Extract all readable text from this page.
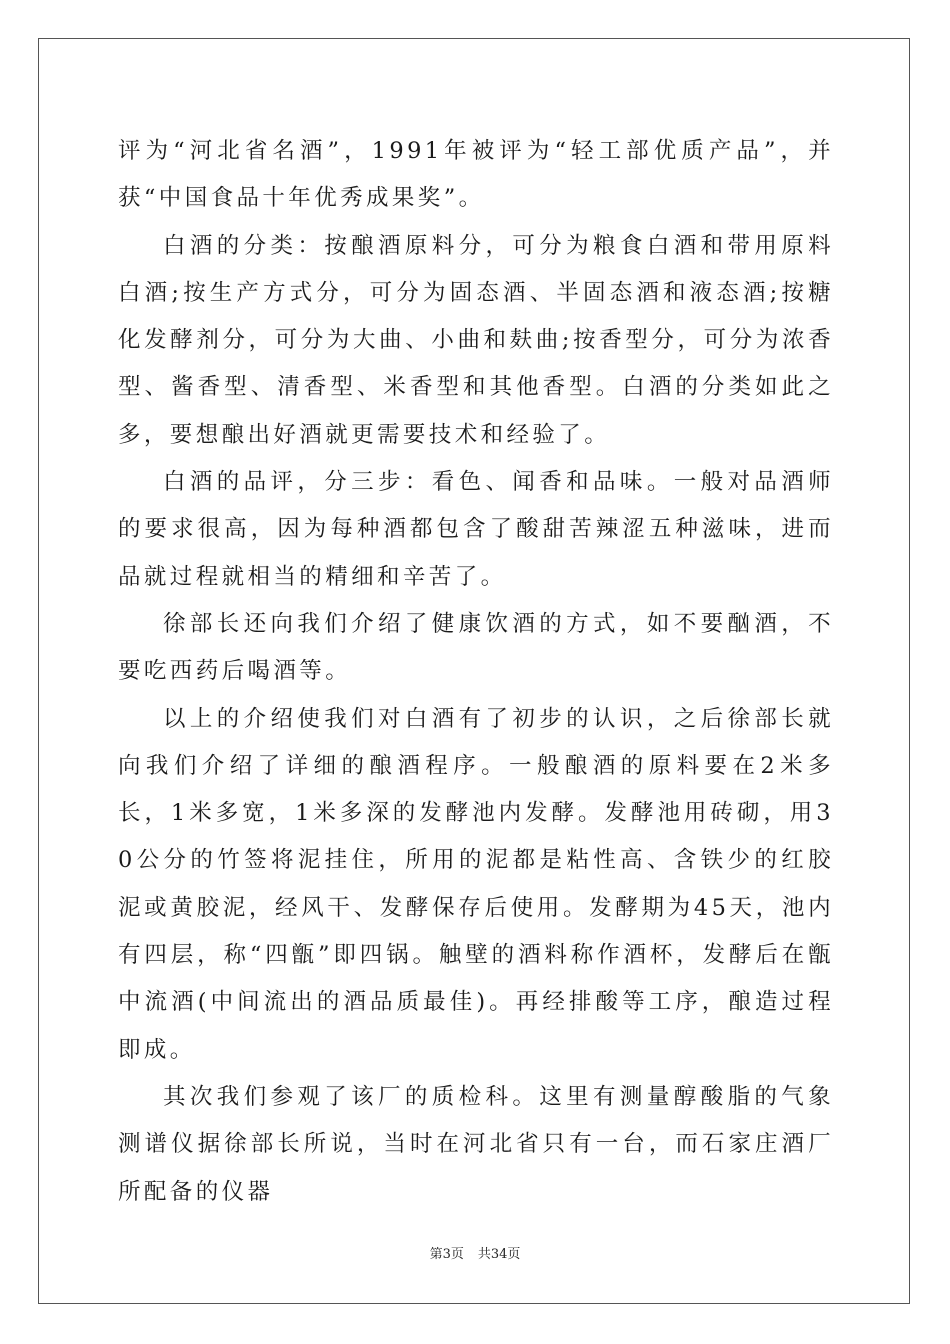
评为“河北省名酒”，1991年被评为“轻工部优质产品”，并获“中国食品十年优秀成果奖”。

白酒的分类：按酿酒原料分，可分为粮食白酒和带用原料白酒;按生产方式分，可分为固态酒、半固态酒和液态酒;按糖化发酵剂分，可分为大曲、小曲和麸曲;按香型分，可分为浓香型、酱香型、清香型、米香型和其他香型。白酒的分类如此之多，要想酿出好酒就更需要技术和经验了。

白酒的品评，分三步：看色、闻香和品味。一般对品酒师的要求很高，因为每种酒都包含了酸甜苦辣涩五种滋味，进而品就过程就相当的精细和辛苦了。

徐部长还向我们介绍了健康饮酒的方式，如不要酗酒，不要吃西药后喝酒等。

以上的介绍使我们对白酒有了初步的认识，之后徐部长就向我们介绍了详细的酿酒程序。一般酿酒的原料要在2米多长，1米多宽，1米多深的发酵池内发酵。发酵池用砖砌，用30公分的竹签将泥挂住，所用的泥都是粘性高、含铁少的红胶泥或黄胶泥，经风干、发酵保存后使用。发酵期为45天，池内有四层，称“四甑”即四锅。触壁的酒料称作酒杯，发酵后在甑中流酒(中间流出的酒品质最佳)。再经排酸等工序，酿造过程即成。

其次我们参观了该厂的质检科。这里有测量醇酸脂的气象测谱仪据徐部长所说，当时在河北省只有一台，而石家庄酒厂所配备的仪器

第3页 共34页
